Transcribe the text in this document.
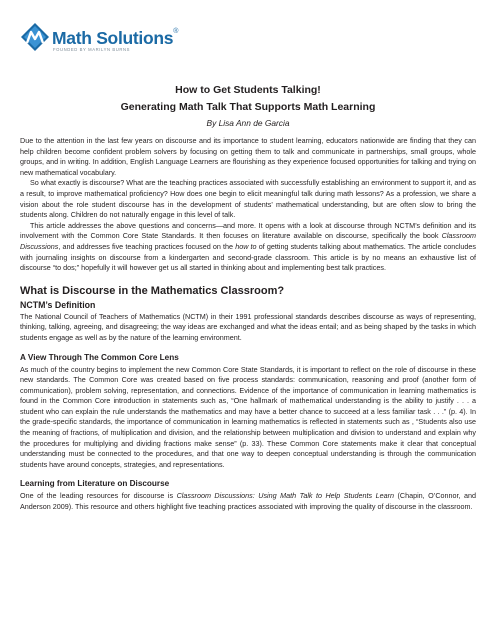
Math Solutions®
FOUNDED BY MARILYN BURNS
How to Get Students Talking!
Generating Math Talk That Supports Math Learning
By Lisa Ann de Garcia

Due to the attention in the last few years on discourse and its importance to student learning, educators nationwide are finding that they can help children become confident problem solvers by focusing on getting them to talk and communicate in partnerships, small groups, whole groups, and in writing. In addition, English Language Learners are flourishing as they experience focused opportunities for talking and trying on new mathematical vocabulary.

So what exactly is discourse? What are the teaching practices associated with successfully establishing an environment to support it, and as a result, to improve mathematical proficiency? How does one begin to elicit meaningful talk during math lessons? As a profession, we share a vision about the role student discourse has in the development of students’ mathematical understanding, but are often slow to bring the students along. Children do not naturally engage in this level of talk.

This article addresses the above questions and concerns—and more. It opens with a look at discourse through NCTM’s definition and its involvement with the Common Core State Standards. It then focuses on literature available on discourse, specifically the book Classroom Discussions, and addresses five teaching practices focused on the how to of getting students talking about mathematics. The article concludes with journaling insights on discourse from a kindergarten and second-grade classroom. This article is by no means an exhaustive list of discourse “to dos;” hopefully it will however get us all started in thinking about and implementing best talk practices.

What is Discourse in the Mathematics Classroom?
NCTM’s Definition

The National Council of Teachers of Mathematics (NCTM) in their 1991 professional standards describes discourse as ways of representing, thinking, talking, agreeing, and disagreeing; the way ideas are exchanged and what the ideas entail; and as being shaped by the tasks in which students engage as well as by the nature of the learning environment.

A View Through The Common Core Lens

As much of the country begins to implement the new Common Core State Standards, it is important to reflect on the role of discourse in these new standards. The Common Core was created based on five process standards: communication, reasoning and proof (another form of communication), problem solving, representation, and connections. Evidence of the importance of communication in learning mathematics is found in the Common Core introduction in statements such as, “One hallmark of mathematical understanding is the ability to justify . . . a student who can explain the rule understands the mathematics and may have a better chance to succeed at a less familiar task . . .” (p. 4). In the grade-specific standards, the importance of communication in learning mathematics is reflected in statements such as , “Students also use the meaning of fractions, of multiplication and division, and the relationship between multiplication and division to understand and explain why the procedures for multiplying and dividing fractions make sense” (p. 33). These Common Core statements make it clear that conceptual understanding must be connected to the procedures, and that one way to deepen conceptual understanding is through the communication students have around concepts, strategies, and representations.

Learning from Literature on Discourse

One of the leading resources for discourse is Classroom Discussions: Using Math Talk to Help Students Learn (Chapin, O’Connor, and Anderson 2009). This resource and others highlight five teaching practices associated with improving the quality of discourse in the classroom.
